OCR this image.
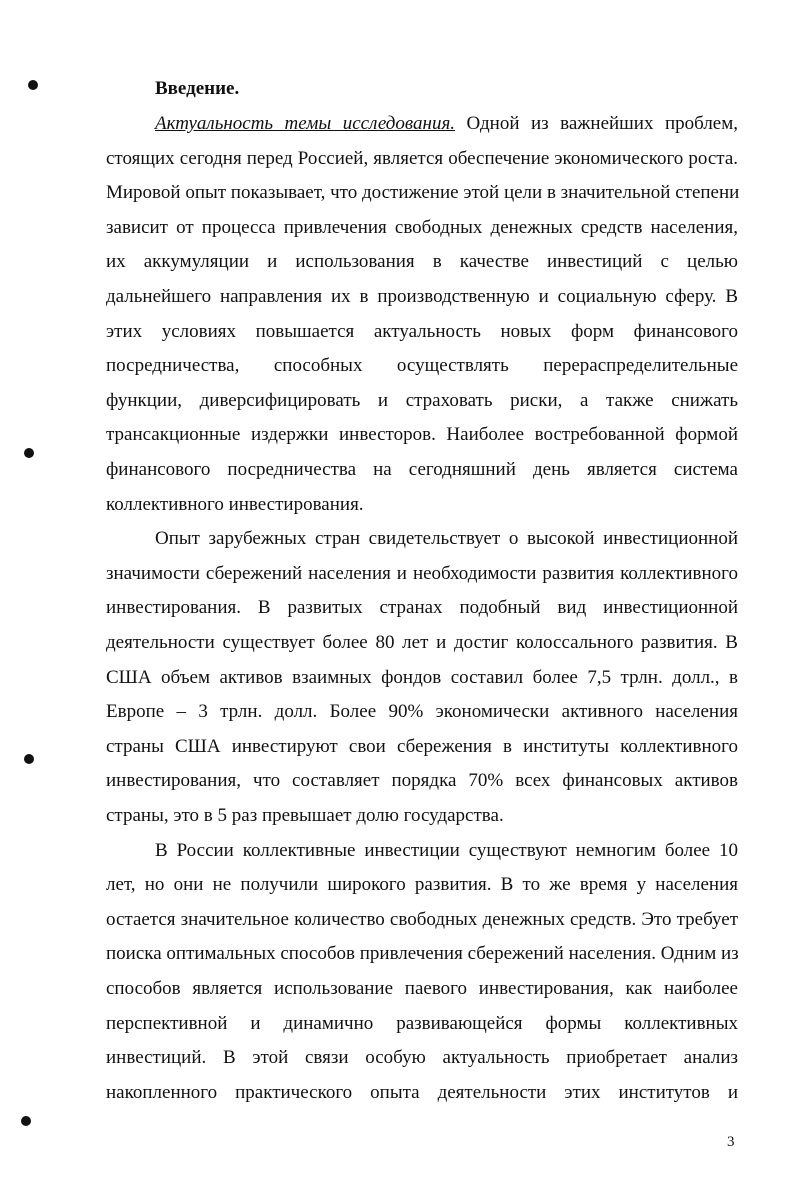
Введение.
Актуальность темы исследования. Одной из важнейших проблем,
стоящих сегодня перед Россией, является обеспечение экономического роста.
Мировой опыт показывает, что достижение этой цели в значительной степени
зависит от процесса привлечения свободных денежных средств населения,
их аккумуляции и использования в качестве инвестиций с целью
дальнейшего направления их в производственную и социальную сферу. В
этих условиях повышается актуальность новых форм финансового
посредничества, способных осуществлять перераспределительные
функции, диверсифицировать и страховать риски, а также снижать
трансакционные издержки инвесторов. Наиболее востребованной формой
финансового посредничества на сегодняшний день является система
коллективного инвестирования.
Опыт зарубежных стран свидетельствует о высокой инвестиционной
значимости сбережений населения и необходимости развития коллективного
инвестирования. В развитых странах подобный вид инвестиционной
деятельности существует более 80 лет и достиг колоссального развития. В
США объем активов взаимных фондов составил более 7,5 трлн. долл., в
Европе – 3 трлн. долл. Более 90% экономически активного населения
страны США инвестируют свои сбережения в институты коллективного
инвестирования, что составляет порядка 70% всех финансовых активов
страны, это в 5 раз превышает долю государства.
В России коллективные инвестиции существуют немногим более 10
лет, но они не получили широкого развития. В то же время у населения
остается значительное количество свободных денежных средств. Это требует
поиска оптимальных способов привлечения сбережений населения. Одним из
способов является использование паевого инвестирования, как наиболее
перспективной и динамично развивающейся формы коллективных
инвестиций. В этой связи особую актуальность приобретает анализ
накопленного практического опыта деятельности этих институтов и
3
